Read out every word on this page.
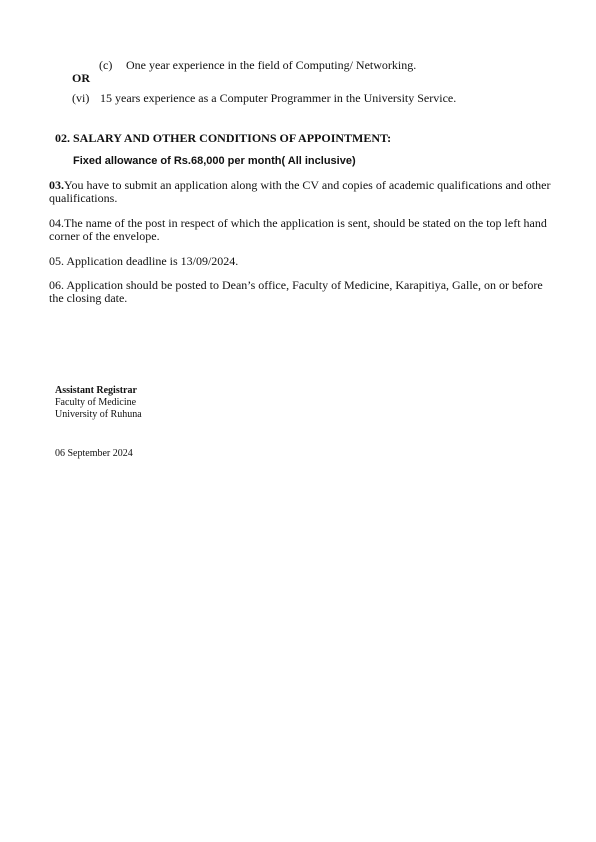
(c) One year experience in the field of Computing/ Networking.
OR
(vi) 15 years experience as a Computer Programmer in the University Service.
02. SALARY AND OTHER CONDITIONS OF APPOINTMENT:
Fixed allowance of Rs.68,000 per month( All inclusive)
03.You have to submit an application along with the CV and copies of academic qualifications and other qualifications.
04.The name of the post in respect of which the application is sent, should be stated on the top left hand corner of the envelope.
05. Application deadline is 13/09/2024.
06. Application should be posted to Dean’s office, Faculty of Medicine, Karapitiya, Galle, on or before the closing date.
Assistant Registrar
Faculty of Medicine
University of Ruhuna
06 September 2024
